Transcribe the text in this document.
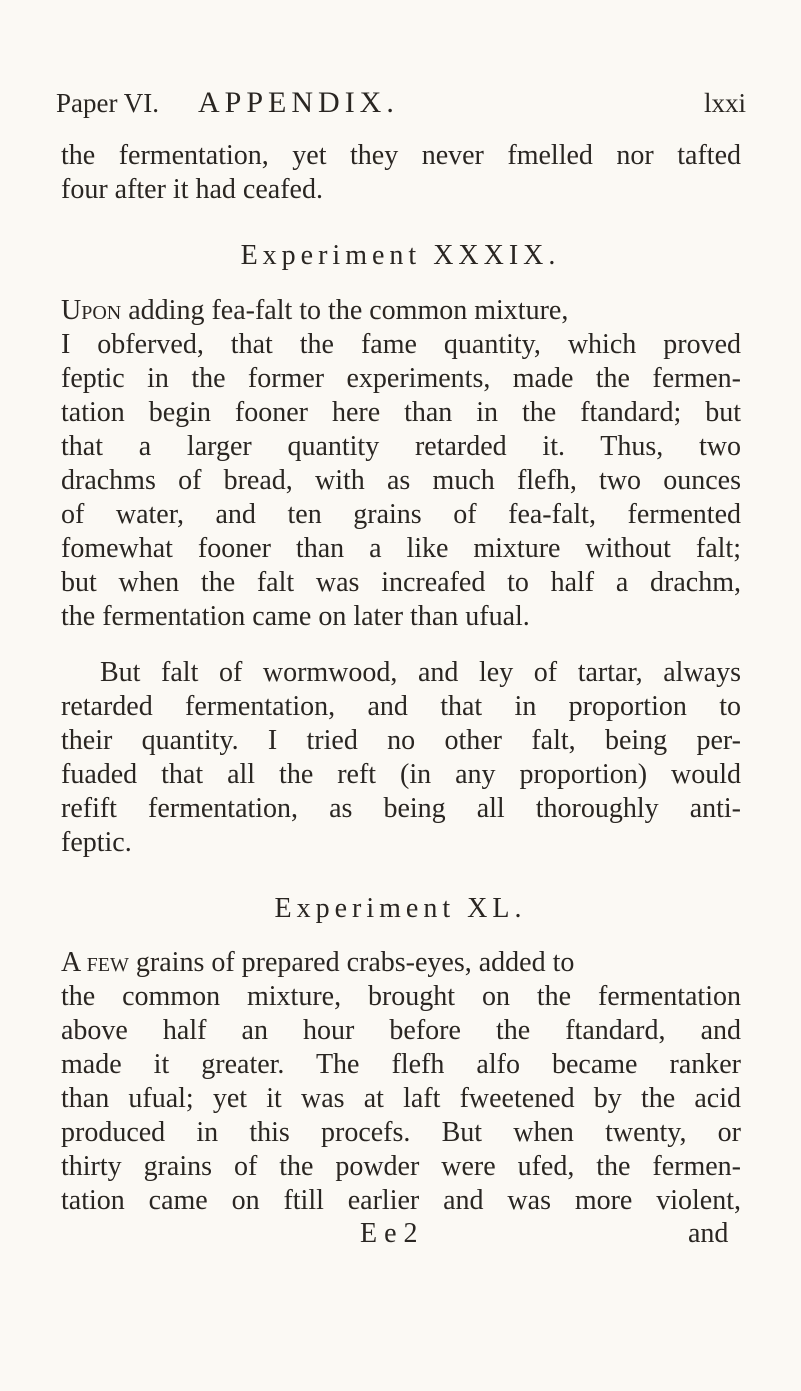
Paper VI. APPENDIX.	lxxi
the fermentation, yet they never fmelled nor tafted
four after it had ceafed.
Experiment XXXIX.
Upon adding fea-falt to the common mixture,
I obferved, that the fame quantity, which proved
feptic in the former experiments, made the fermen-
tation begin fooner here than in the ftandard; but
that a larger quantity retarded it. Thus, two
drachms of bread, with as much flefh, two ounces
of water, and ten grains of fea-falt, fermented
fomewhat fooner than a like mixture without falt;
but when the falt was increafed to half a drachm,
the fermentation came on later than ufual.
But falt of wormwood, and ley of tartar, always
retarded fermentation, and that in proportion to
their quantity. I tried no other falt, being per-
fuaded that all the reft (in any proportion) would
refift fermentation, as being all thoroughly anti-
feptic.
Experiment XL.
A few grains of prepared crabs-eyes, added to
the common mixture, brought on the fermentation
above half an hour before the ftandard, and
made it greater. The flefh alfo became ranker
than ufual; yet it was at laft fweetened by the acid
produced in this procefs. But when twenty, or
thirty grains of the powder were ufed, the fermen-
tation came on ftill earlier and was more violent,
E e 2	and
